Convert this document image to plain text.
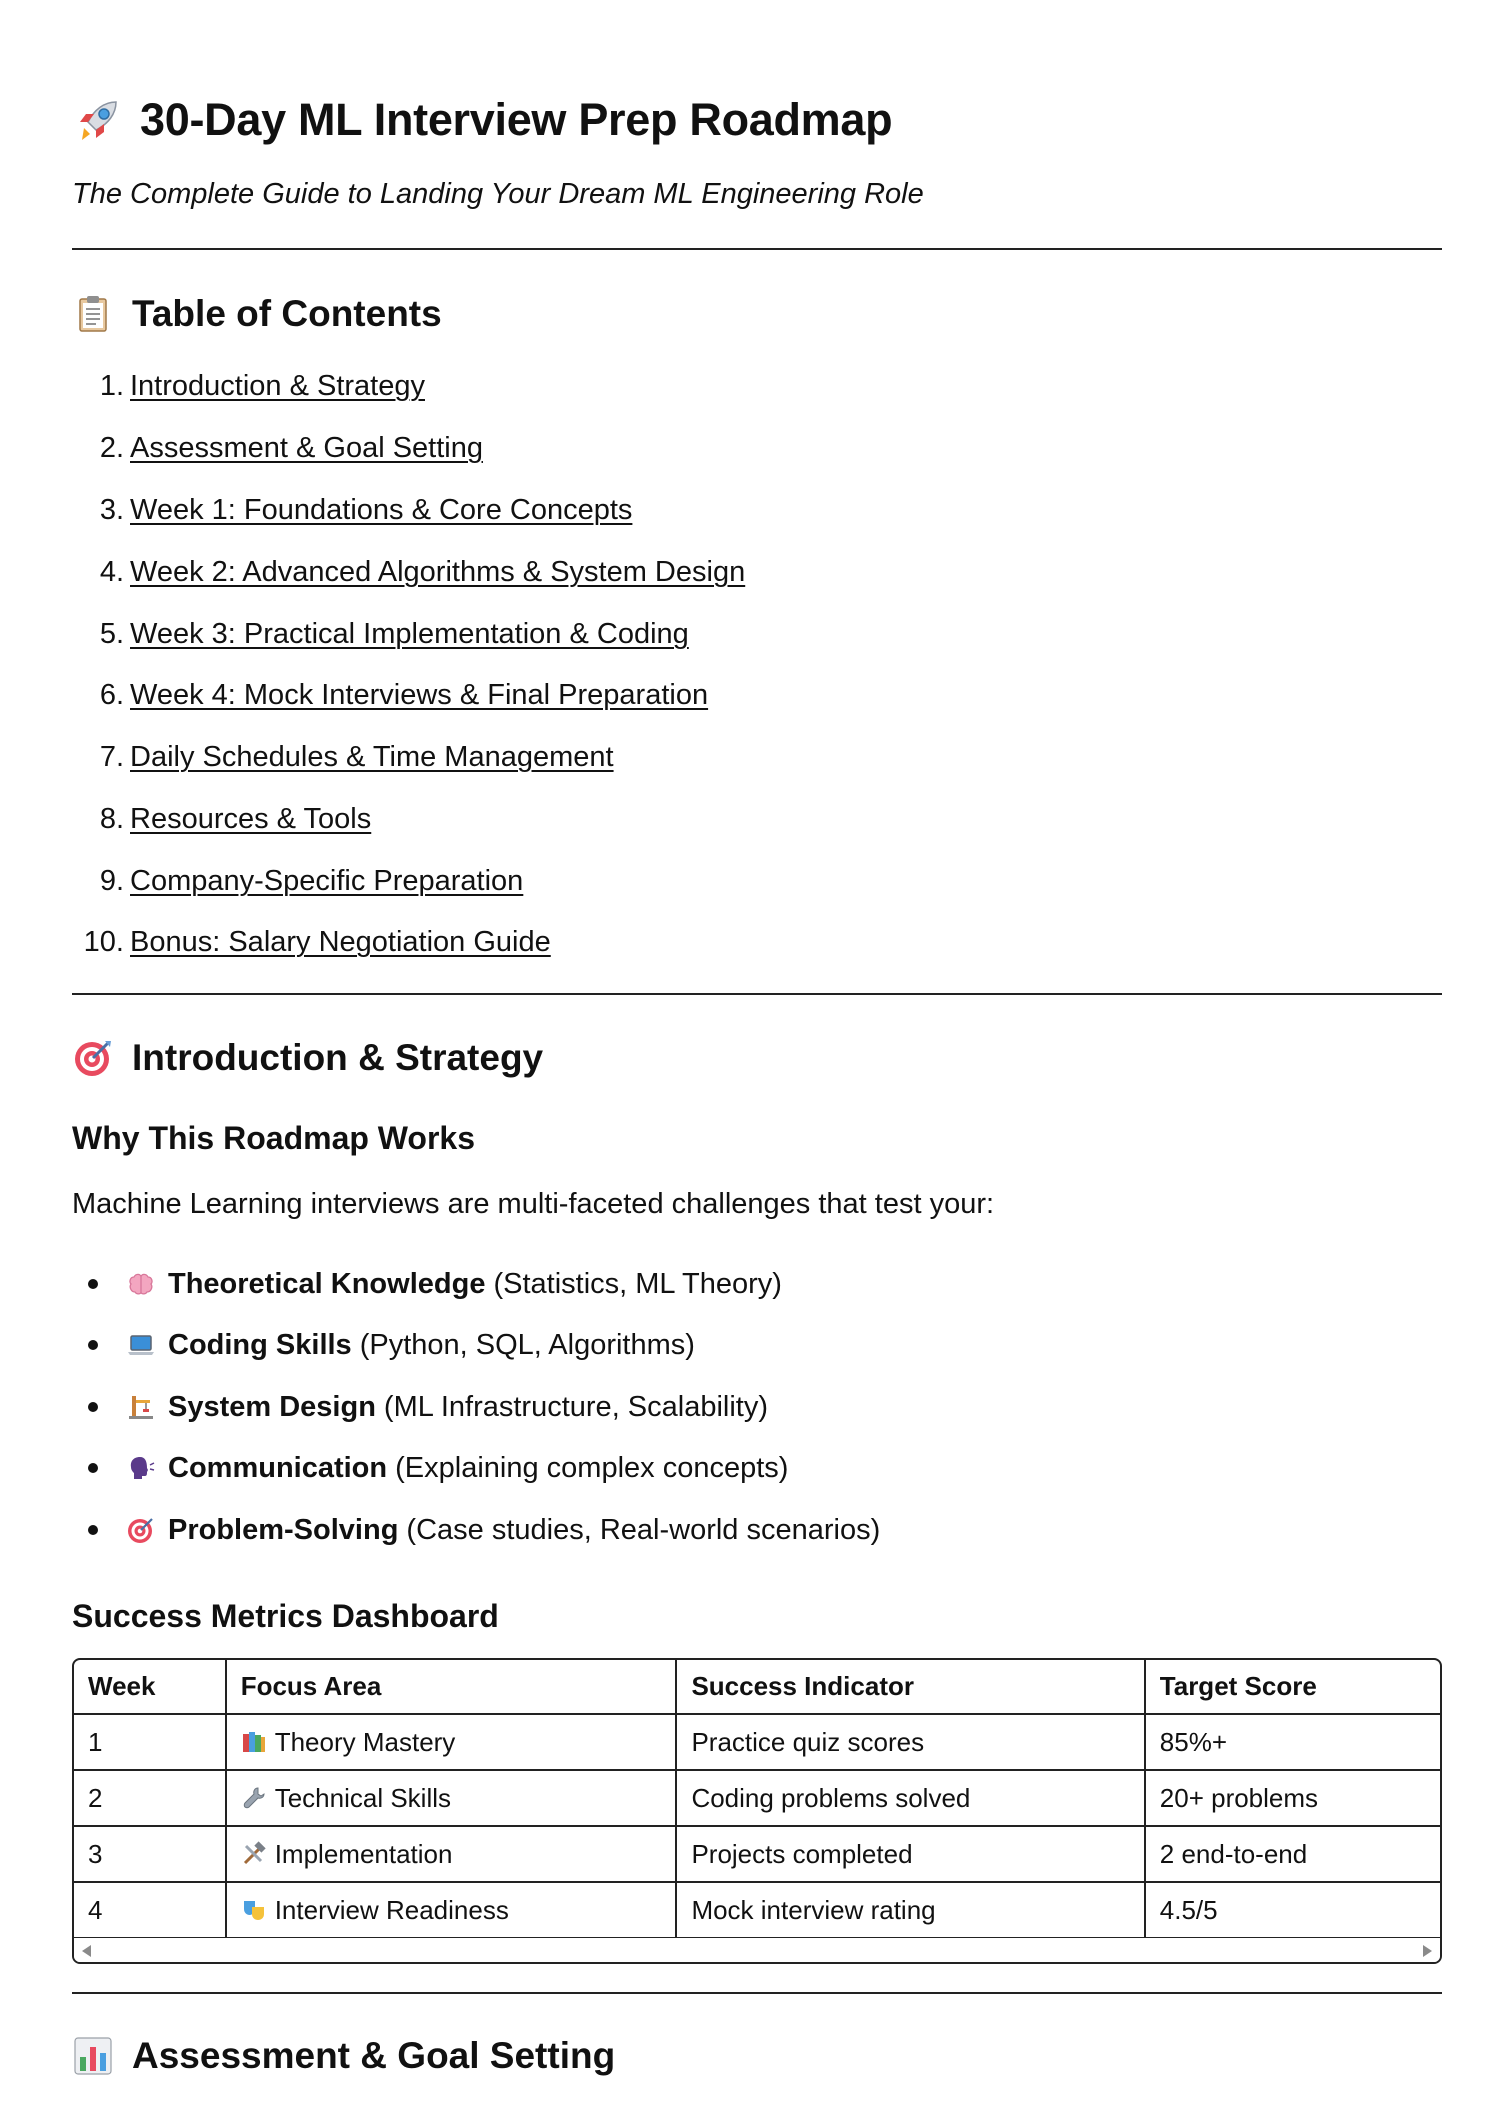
30-Day ML Interview Prep Roadmap
The Complete Guide to Landing Your Dream ML Engineering Role
Table of Contents
1. Introduction & Strategy
2. Assessment & Goal Setting
3. Week 1: Foundations & Core Concepts
4. Week 2: Advanced Algorithms & System Design
5. Week 3: Practical Implementation & Coding
6. Week 4: Mock Interviews & Final Preparation
7. Daily Schedules & Time Management
8. Resources & Tools
9. Company-Specific Preparation
10. Bonus: Salary Negotiation Guide
Introduction & Strategy
Why This Roadmap Works
Machine Learning interviews are multi-faceted challenges that test your:
Theoretical Knowledge (Statistics, ML Theory)
Coding Skills (Python, SQL, Algorithms)
System Design (ML Infrastructure, Scalability)
Communication (Explaining complex concepts)
Problem-Solving (Case studies, Real-world scenarios)
Success Metrics Dashboard
Week	Focus Area	Success Indicator	Target Score
1	Theory Mastery	Practice quiz scores	85%+
2	Technical Skills	Coding problems solved	20+ problems
3	Implementation	Projects completed	2 end-to-end
4	Interview Readiness	Mock interview rating	4.5/5
Assessment & Goal Setting
